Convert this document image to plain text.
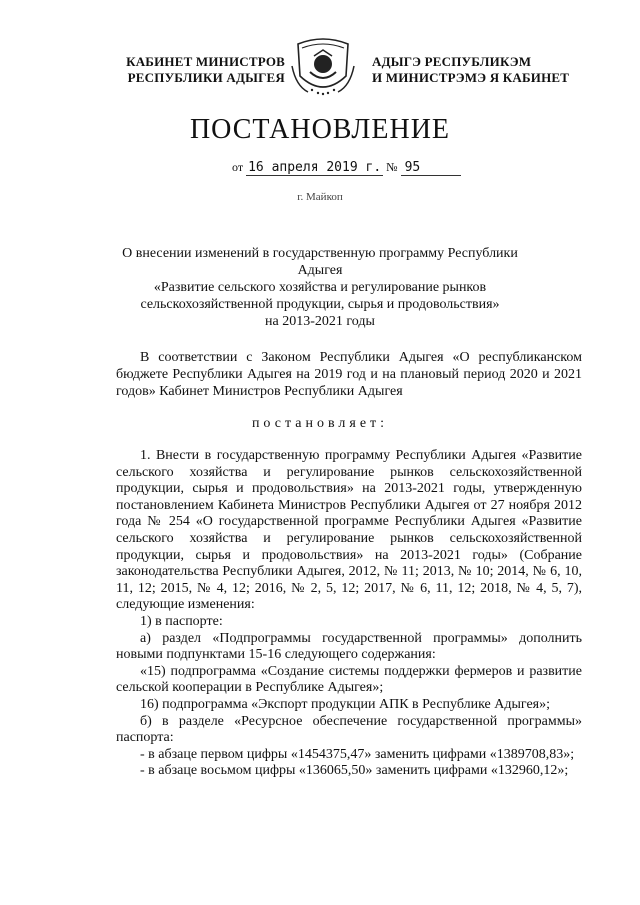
КАБИНЕТ МИНИСТРОВ
РЕСПУБЛИКИ АДЫГЕЯ
АДЫГЭ РЕСПУБЛИКЭМ
И МИНИСТРЭМЭ Я КАБИНЕТ
ПОСТАНОВЛЕНИЕ
от 16 апреля 2019 г. № 95
г. Майкоп
О внесении изменений в государственную программу Республики Адыгея
«Развитие сельского хозяйства и регулирование рынков
сельскохозяйственной продукции, сырья и продовольствия»
на 2013-2021 годы
В соответствии с Законом Республики Адыгея «О республиканском бюджете Республики Адыгея на 2019 год и на плановый период 2020 и 2021 годов» Кабинет Министров Республики Адыгея
постановляет:

1. Внести в государственную программу Республики Адыгея «Развитие сельского хозяйства и регулирование рынков сельскохозяйственной продукции, сырья и продовольствия» на 2013-2021 годы, утвержденную постановлением Кабинета Министров Республики Адыгея от 27 ноября 2012 года № 254 «О государственной программе Республики Адыгея «Развитие сельского хозяйства и регулирование рынков сельскохозяйственной продукции, сырья и продовольствия» на 2013-2021 годы» (Собрание законодательства Республики Адыгея, 2012, № 11; 2013, № 10; 2014, № 6, 10, 11, 12; 2015, № 4, 12; 2016, № 2, 5, 12; 2017, № 6, 11, 12; 2018, № 4, 5, 7), следующие изменения:

1) в паспорте:

а) раздел «Подпрограммы государственной программы» дополнить новыми подпунктами 15-16 следующего содержания:

«15) подпрограмма «Создание системы поддержки фермеров и развитие сельской кооперации в Республике Адыгея»;

16) подпрограмма «Экспорт продукции АПК в Республике Адыгея»;

б) в разделе «Ресурсное обеспечение государственной программы» паспорта:

- в абзаце первом цифры «1454375,47» заменить цифрами «1389708,83»;

- в абзаце восьмом цифры «136065,50» заменить цифрами «132960,12»;
